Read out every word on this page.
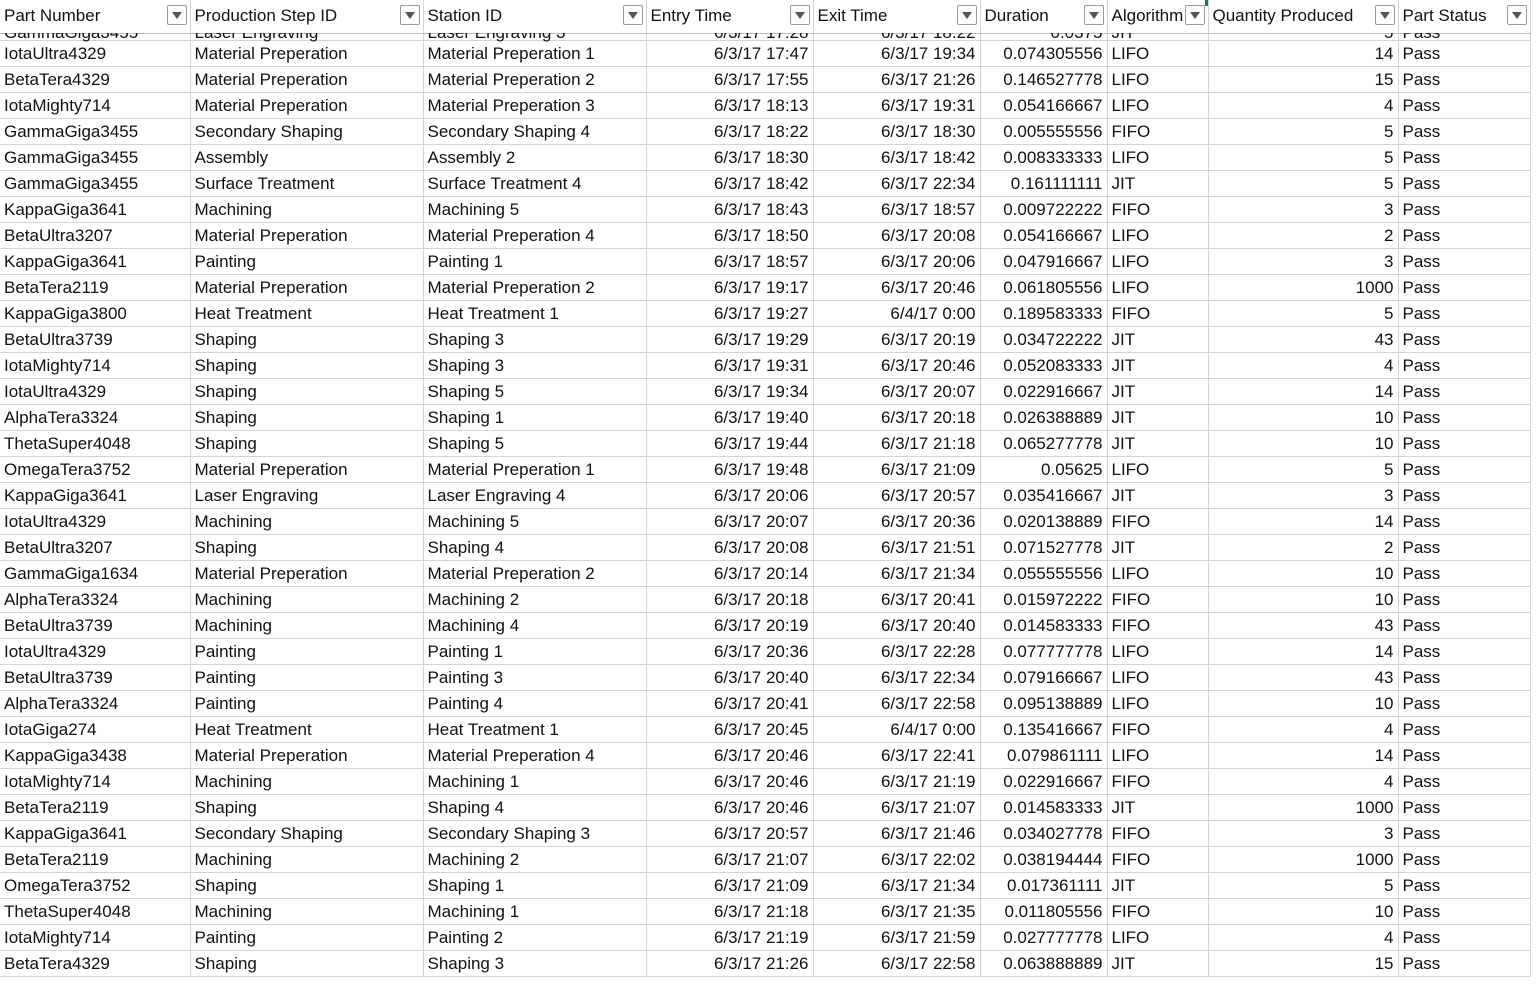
Part Number	Production Step ID	Station ID	Entry Time	Exit Time	Duration	Algorithm	Quantity Produced	Part Status

IotaUltra4329	Material Preperation	Material Preperation 1	6/3/17 17:47	6/3/17 19:34	0.074305556	LIFO	14	Pass
BetaTera4329	Material Preperation	Material Preperation 2	6/3/17 17:55	6/3/17 21:26	0.146527778	LIFO	15	Pass
IotaMighty714	Material Preperation	Material Preperation 3	6/3/17 18:13	6/3/17 19:31	0.054166667	LIFO	4	Pass
GammaGiga3455	Secondary Shaping	Secondary Shaping 4	6/3/17 18:22	6/3/17 18:30	0.005555556	FIFO	5	Pass
GammaGiga3455	Assembly	Assembly 2	6/3/17 18:30	6/3/17 18:42	0.008333333	LIFO	5	Pass
GammaGiga3455	Surface Treatment	Surface Treatment 4	6/3/17 18:42	6/3/17 22:34	0.161111111	JIT	5	Pass
KappaGiga3641	Machining	Machining 5	6/3/17 18:43	6/3/17 18:57	0.009722222	FIFO	3	Pass
BetaUltra3207	Material Preperation	Material Preperation 4	6/3/17 18:50	6/3/17 20:08	0.054166667	LIFO	2	Pass
KappaGiga3641	Painting	Painting 1	6/3/17 18:57	6/3/17 20:06	0.047916667	LIFO	3	Pass
BetaTera2119	Material Preperation	Material Preperation 2	6/3/17 19:17	6/3/17 20:46	0.061805556	LIFO	1000	Pass
KappaGiga3800	Heat Treatment	Heat Treatment 1	6/3/17 19:27	6/4/17 0:00	0.189583333	FIFO	5	Pass
BetaUltra3739	Shaping	Shaping 3	6/3/17 19:29	6/3/17 20:19	0.034722222	JIT	43	Pass
IotaMighty714	Shaping	Shaping 3	6/3/17 19:31	6/3/17 20:46	0.052083333	JIT	4	Pass
IotaUltra4329	Shaping	Shaping 5	6/3/17 19:34	6/3/17 20:07	0.022916667	JIT	14	Pass
AlphaTera3324	Shaping	Shaping 1	6/3/17 19:40	6/3/17 20:18	0.026388889	JIT	10	Pass
ThetaSuper4048	Shaping	Shaping 5	6/3/17 19:44	6/3/17 21:18	0.065277778	JIT	10	Pass
OmegaTera3752	Material Preperation	Material Preperation 1	6/3/17 19:48	6/3/17 21:09	0.05625	LIFO	5	Pass
KappaGiga3641	Laser Engraving	Laser Engraving 4	6/3/17 20:06	6/3/17 20:57	0.035416667	JIT	3	Pass
IotaUltra4329	Machining	Machining 5	6/3/17 20:07	6/3/17 20:36	0.020138889	FIFO	14	Pass
BetaUltra3207	Shaping	Shaping 4	6/3/17 20:08	6/3/17 21:51	0.071527778	JIT	2	Pass
GammaGiga1634	Material Preperation	Material Preperation 2	6/3/17 20:14	6/3/17 21:34	0.055555556	LIFO	10	Pass
AlphaTera3324	Machining	Machining 2	6/3/17 20:18	6/3/17 20:41	0.015972222	FIFO	10	Pass
BetaUltra3739	Machining	Machining 4	6/3/17 20:19	6/3/17 20:40	0.014583333	FIFO	43	Pass
IotaUltra4329	Painting	Painting 1	6/3/17 20:36	6/3/17 22:28	0.077777778	LIFO	14	Pass
BetaUltra3739	Painting	Painting 3	6/3/17 20:40	6/3/17 22:34	0.079166667	LIFO	43	Pass
AlphaTera3324	Painting	Painting 4	6/3/17 20:41	6/3/17 22:58	0.095138889	LIFO	10	Pass
IotaGiga274	Heat Treatment	Heat Treatment 1	6/3/17 20:45	6/4/17 0:00	0.135416667	FIFO	4	Pass
KappaGiga3438	Material Preperation	Material Preperation 4	6/3/17 20:46	6/3/17 22:41	0.079861111	LIFO	14	Pass
IotaMighty714	Machining	Machining 1	6/3/17 20:46	6/3/17 21:19	0.022916667	FIFO	4	Pass
BetaTera2119	Shaping	Shaping 4	6/3/17 20:46	6/3/17 21:07	0.014583333	JIT	1000	Pass
KappaGiga3641	Secondary Shaping	Secondary Shaping 3	6/3/17 20:57	6/3/17 21:46	0.034027778	FIFO	3	Pass
BetaTera2119	Machining	Machining 2	6/3/17 21:07	6/3/17 22:02	0.038194444	FIFO	1000	Pass
OmegaTera3752	Shaping	Shaping 1	6/3/17 21:09	6/3/17 21:34	0.017361111	JIT	5	Pass
ThetaSuper4048	Machining	Machining 1	6/3/17 21:18	6/3/17 21:35	0.011805556	FIFO	10	Pass
IotaMighty714	Painting	Painting 2	6/3/17 21:19	6/3/17 21:59	0.027777778	LIFO	4	Pass
BetaTera4329	Shaping	Shaping 3	6/3/17 21:26	6/3/17 22:58	0.063888889	JIT	15	Pass
